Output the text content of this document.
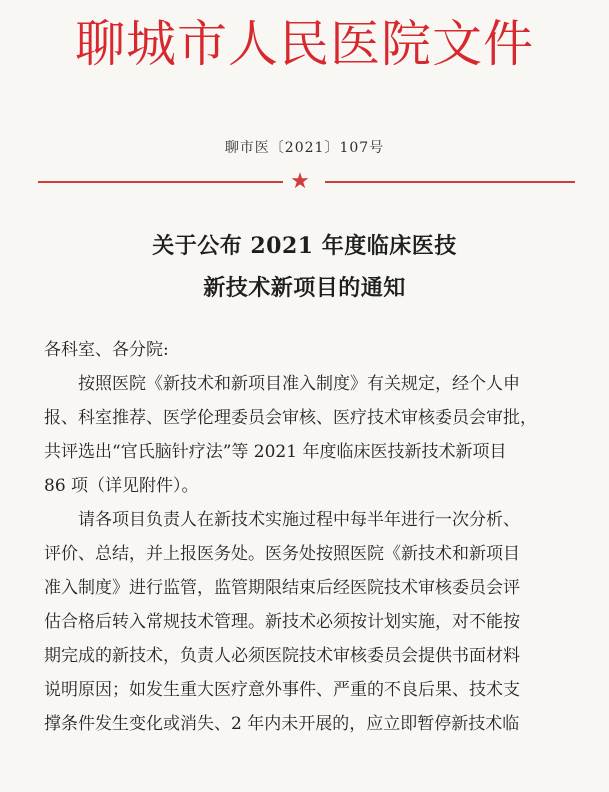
聊城市人民医院文件
聊市医〔2021〕107号
★
关于公布 2021 年度临床医技
新技术新项目的通知
各科室、各分院:
　　按照医院《新技术和新项目准入制度》有关规定，经个人申
报、科室推荐、医学伦理委员会审核、医疗技术审核委员会审批，
共评选出“官氏脑针疗法”等 2021 年度临床医技新技术新项目
86 项（详见附件）。
　　请各项目负责人在新技术实施过程中每半年进行一次分析、
评价、总结，并上报医务处。医务处按照医院《新技术和新项目
准入制度》进行监管，监管期限结束后经医院技术审核委员会评
估合格后转入常规技术管理。新技术必须按计划实施，对不能按
期完成的新技术，负责人必须医院技术审核委员会提供书面材料
说明原因；如发生重大医疗意外事件、严重的不良后果、技术支
撑条件发生变化或消失、2 年内未开展的，应立即暂停新技术临
